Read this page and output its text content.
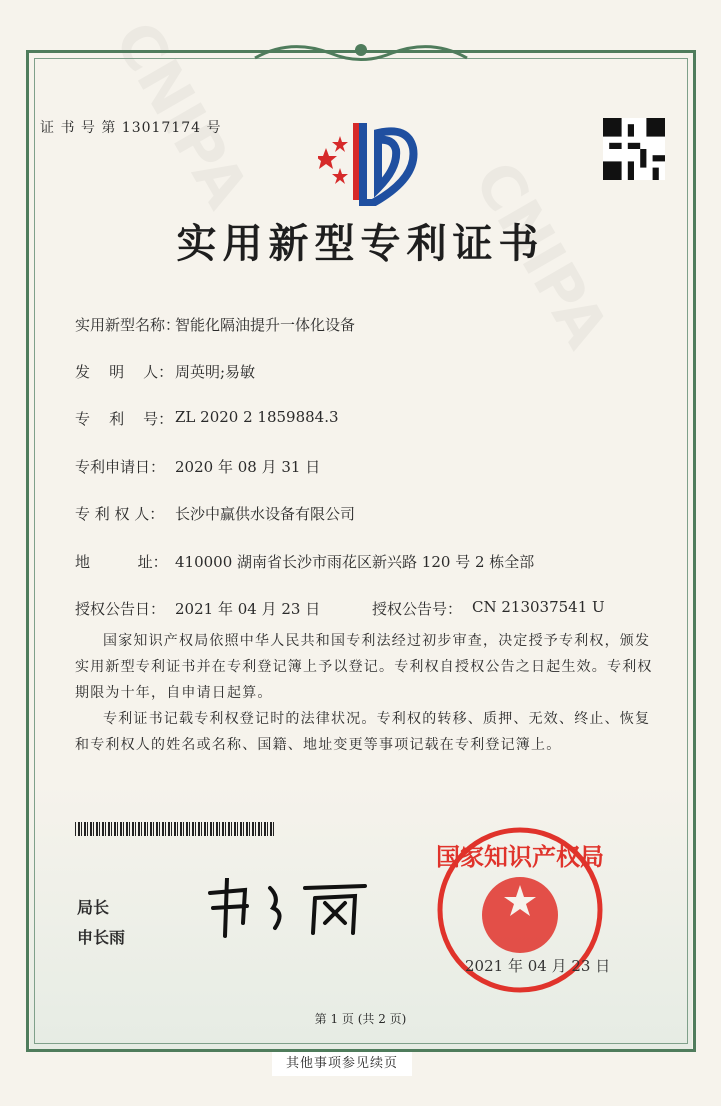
证 书 号 第 13017174 号
实用新型专利证书
实用新型名称：
智能化隔油提升一体化设备
发    明    人： 周英明;易敏
专    利    号： ZL 2020 2 1859884.3
专利申请日： 2020 年 08 月 31 日
专 利 权 人： 长沙中赢供水设备有限公司
地          址： 410000 湖南省长沙市雨花区新兴路 120 号 2 栋全部
授权公告日： 2021 年 04 月 23 日	授权公告号： CN 213037541 U
国家知识产权局依照中华人民共和国专利法经过初步审查，决定授予专利权，颁发实用新型专利证书并在专利登记簿上予以登记。专利权自授权公告之日起生效。专利权期限为十年，自申请日起算。
专利证书记载专利权登记时的法律状况。专利权的转移、质押、无效、终止、恢复和专利权人的姓名或名称、国籍、地址变更等事项记载在专利登记簿上。
局长
申长雨
国家知识产权局
2021 年 04 月 23 日
第 1 页 (共 2 页)
其他事项参见续页
